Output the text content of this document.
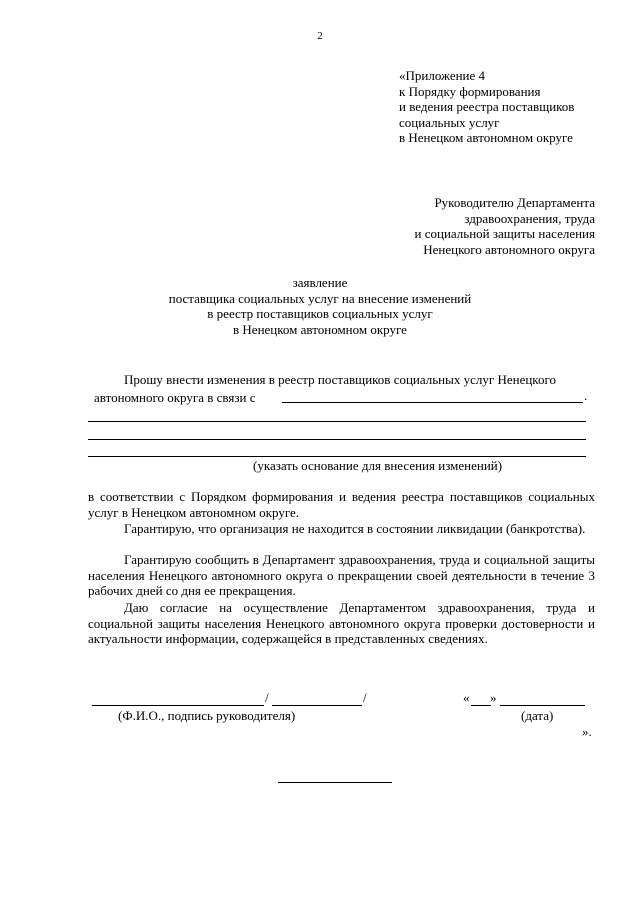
2
«Приложение 4
к Порядку формирования
и ведения реестра поставщиков
социальных услуг
в Ненецком автономном округе
Руководителю Департамента
здравоохранения, труда
и социальной защиты населения
Ненецкого автономного округа
заявление
поставщика социальных услуг на внесение изменений
в реестр поставщиков социальных услуг
в Ненецком автономном округе
Прошу внести изменения в реестр поставщиков социальных услуг Ненецкого
автономного округа в связи с	.
(указать основание для внесения изменений)
в соответствии с Порядком формирования и ведения реестра поставщиков социальных услуг в Ненецком автономном округе.
Гарантирую, что организация не находится в состоянии ликвидации (банкротства).
Гарантирую сообщить в Департамент здравоохранения, труда и социальной защиты населения Ненецкого автономного округа о прекращении своей деятельности в течение 3 рабочих дней со дня ее прекращения.
Даю согласие на осуществление Департаментом здравоохранения, труда и социальной защиты населения Ненецкого автономного округа проверки достоверности и актуальности информации, содержащейся в представленных сведениях.
/	/
(Ф.И.О., подпись руководителя)
« »
(дата)
».
